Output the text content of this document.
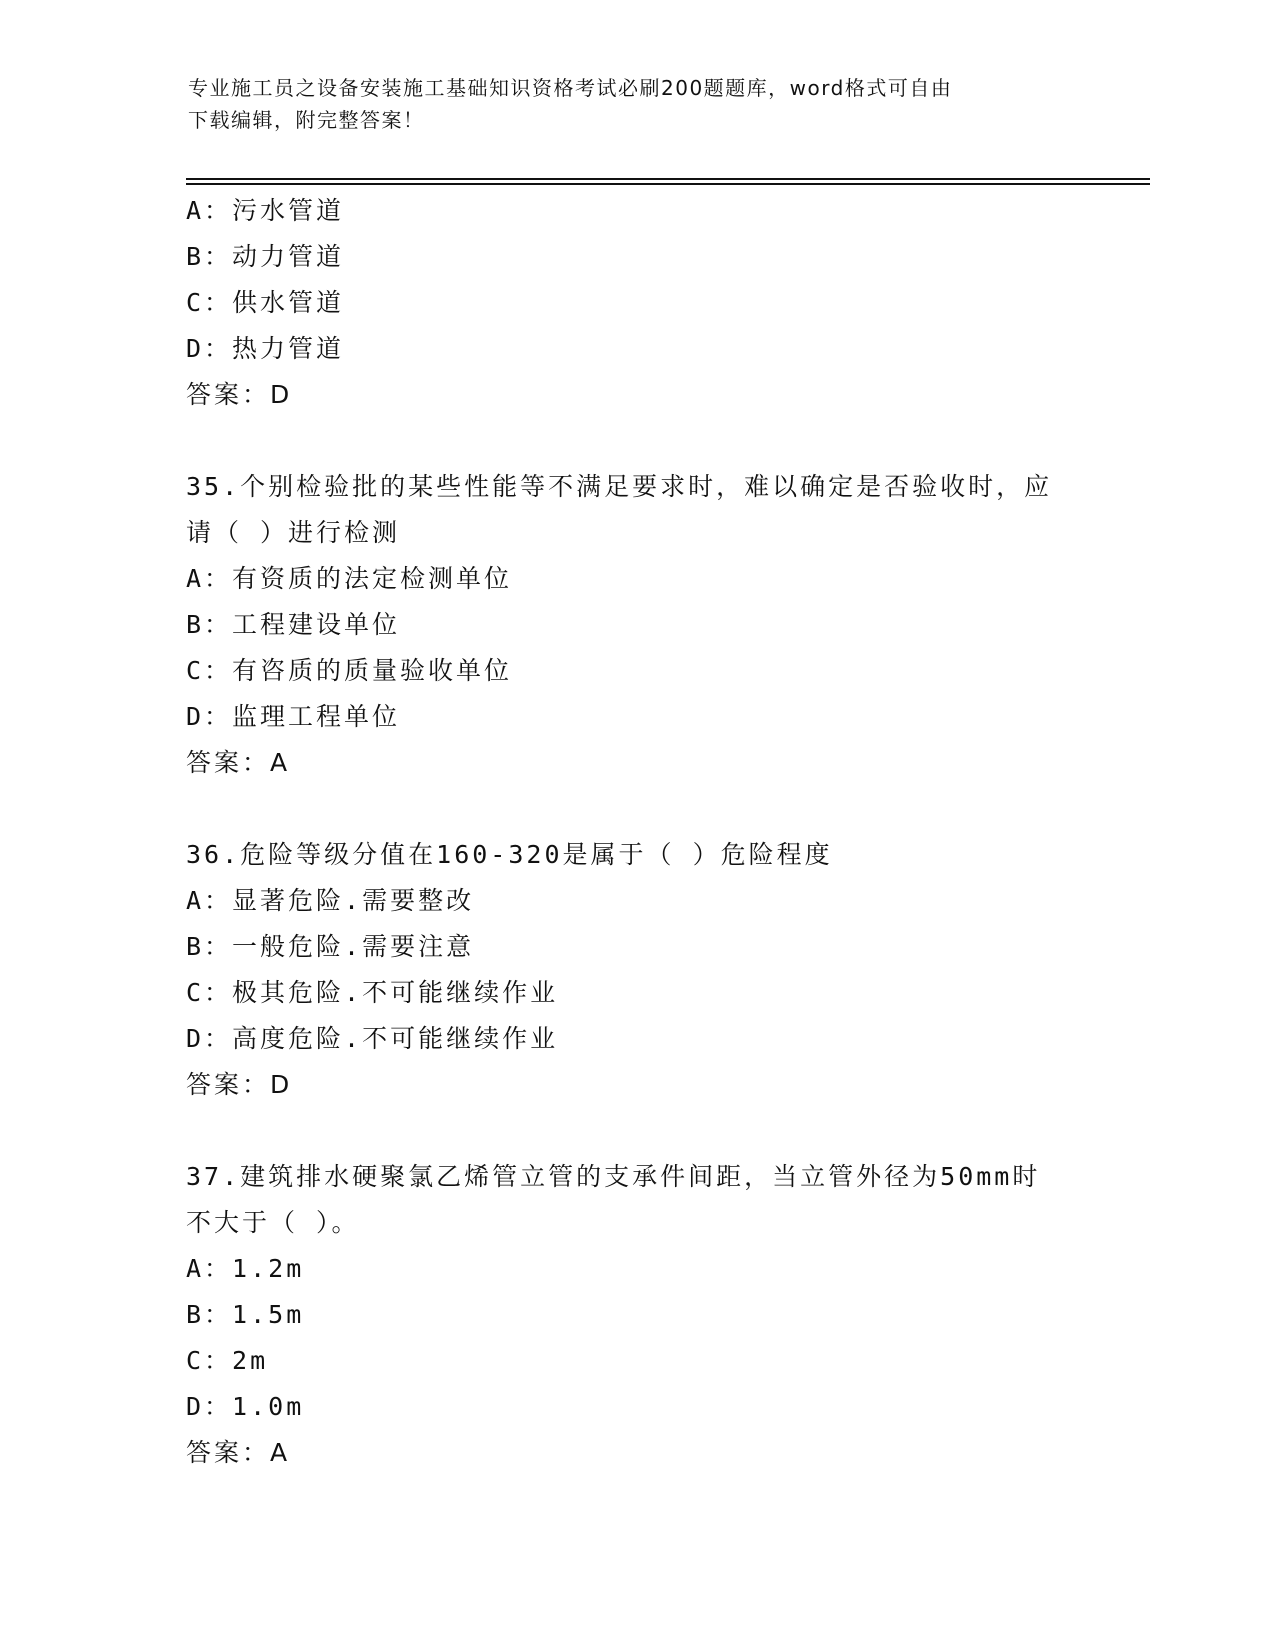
专业施工员之设备安装施工基础知识资格考试必刷200题题库，word格式可自由
下载编辑，附完整答案！
A：污水管道
B：动力管道
C：供水管道
D：热力管道
答案：D
35.个别检验批的某些性能等不满足要求时，难以确定是否验收时，应
请（ ）进行检测
A：有资质的法定检测单位
B：工程建设单位
C：有咨质的质量验收单位
D：监理工程单位
答案：A
36.危险等级分值在160-320是属于（ ）危险程度
A：显著危险.需要整改
B：一般危险.需要注意
C：极其危险.不可能继续作业
D：高度危险.不可能继续作业
答案：D
37.建筑排水硬聚氯乙烯管立管的支承件间距，当立管外径为50mm时
不大于（ ）。
A：1.2m
B：1.5m
C：2m
D：1.0m
答案：A
